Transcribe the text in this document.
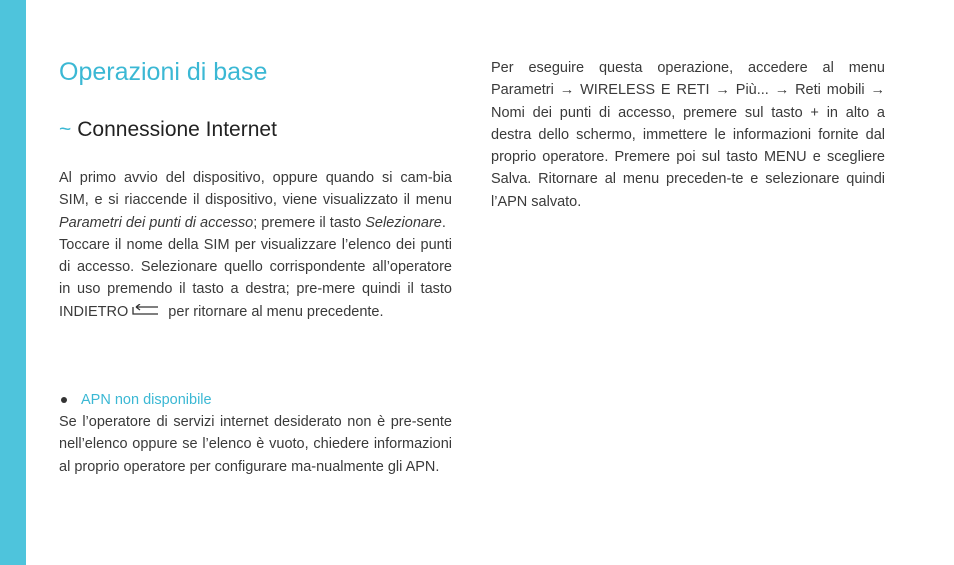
Operazioni di base
~ Connessione Internet

Al primo avvio del dispositivo, oppure quando si cam-bia SIM, e si riaccende il dispositivo, viene visualizzato il menu Parametri dei punti di accesso; premere il tasto Selezionare.

Toccare il nome della SIM per visualizzare l’elenco dei punti di accesso. Selezionare quello corrispondente all’operatore in uso premendo il tasto a destra; pre-mere quindi il tasto INDIETRO per ritornare al menu precedente.

APN non disponibile

Se l’operatore di servizi internet desiderato non è pre-sente nell’elenco oppure se l’elenco è vuoto, chiedere informazioni al proprio operatore per configurare ma-nualmente gli APN.

Per eseguire questa operazione, accedere al menu Parametri → WIRELESS E RETI → Più... → Reti mobili → Nomi dei punti di accesso, premere sul tasto + in alto a destra dello schermo, immettere le informazioni fornite dal proprio operatore. Premere poi sul tasto MENU e scegliere Salva. Ritornare al menu preceden-te e selezionare quindi l’APN salvato.
